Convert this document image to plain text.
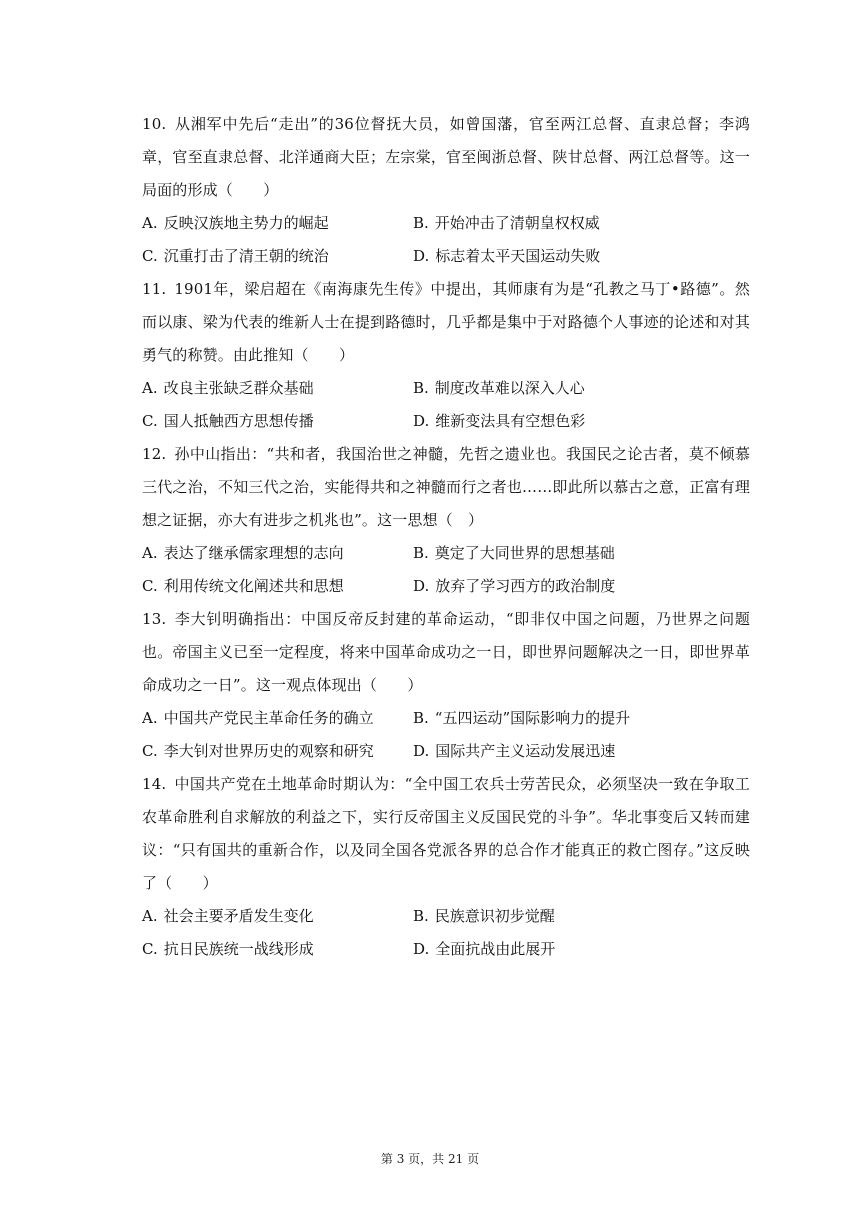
10. 从湘军中先后“走出”的36位督抚大员，如曾国藩，官至两江总督、直隶总督；李鸿章，官至直隶总督、北洋通商大臣；左宗棠，官至闽浙总督、陕甘总督、两江总督等。这一局面的形成（　　）

A. 反映汉族地主势力的崛起	B. 开始冲击了清朝皇权权威
C. 沉重打击了清王朝的统治	D. 标志着太平天国运动失败

11. 1901年，梁启超在《南海康先生传》中提出，其师康有为是“孔教之马丁•路德”。然而以康、梁为代表的维新人士在提到路德时，几乎都是集中于对路德个人事迹的论述和对其勇气的称赞。由此推知（　　）

A. 改良主张缺乏群众基础	B. 制度改革难以深入人心
C. 国人抵触西方思想传播	D. 维新变法具有空想色彩

12. 孙中山指出：“共和者，我国治世之神髓，先哲之遗业也。我国民之论古者，莫不倾慕三代之治，不知三代之治，实能得共和之神髓而行之者也……即此所以慕古之意，正富有理想之证据，亦大有进步之机兆也”。这一思想（　）

A. 表达了继承儒家理想的志向	B. 奠定了大同世界的思想基础
C. 利用传统文化阐述共和思想	D. 放弃了学习西方的政治制度

13. 李大钊明确指出：中国反帝反封建的革命运动，“即非仅中国之问题，乃世界之问题也。帝国主义已至一定程度，将来中国革命成功之一日，即世界问题解决之一日，即世界革命成功之一日”。这一观点体现出（　　）

A. 中国共产党民主革命任务的确立	B. “五四运动”国际影响力的提升
C. 李大钊对世界历史的观察和研究	D. 国际共产主义运动发展迅速

14. 中国共产党在土地革命时期认为：“全中国工农兵士劳苦民众，必须坚决一致在争取工农革命胜利自求解放的利益之下，实行反帝国主义反国民党的斗争”。华北事变后又转而建议：“只有国共的重新合作，以及同全国各党派各界的总合作才能真正的救亡图存。”这反映了（　　）

A. 社会主要矛盾发生变化	B. 民族意识初步觉醒
C. 抗日民族统一战线形成	D. 全面抗战由此展开
第 3 页，共 21 页
